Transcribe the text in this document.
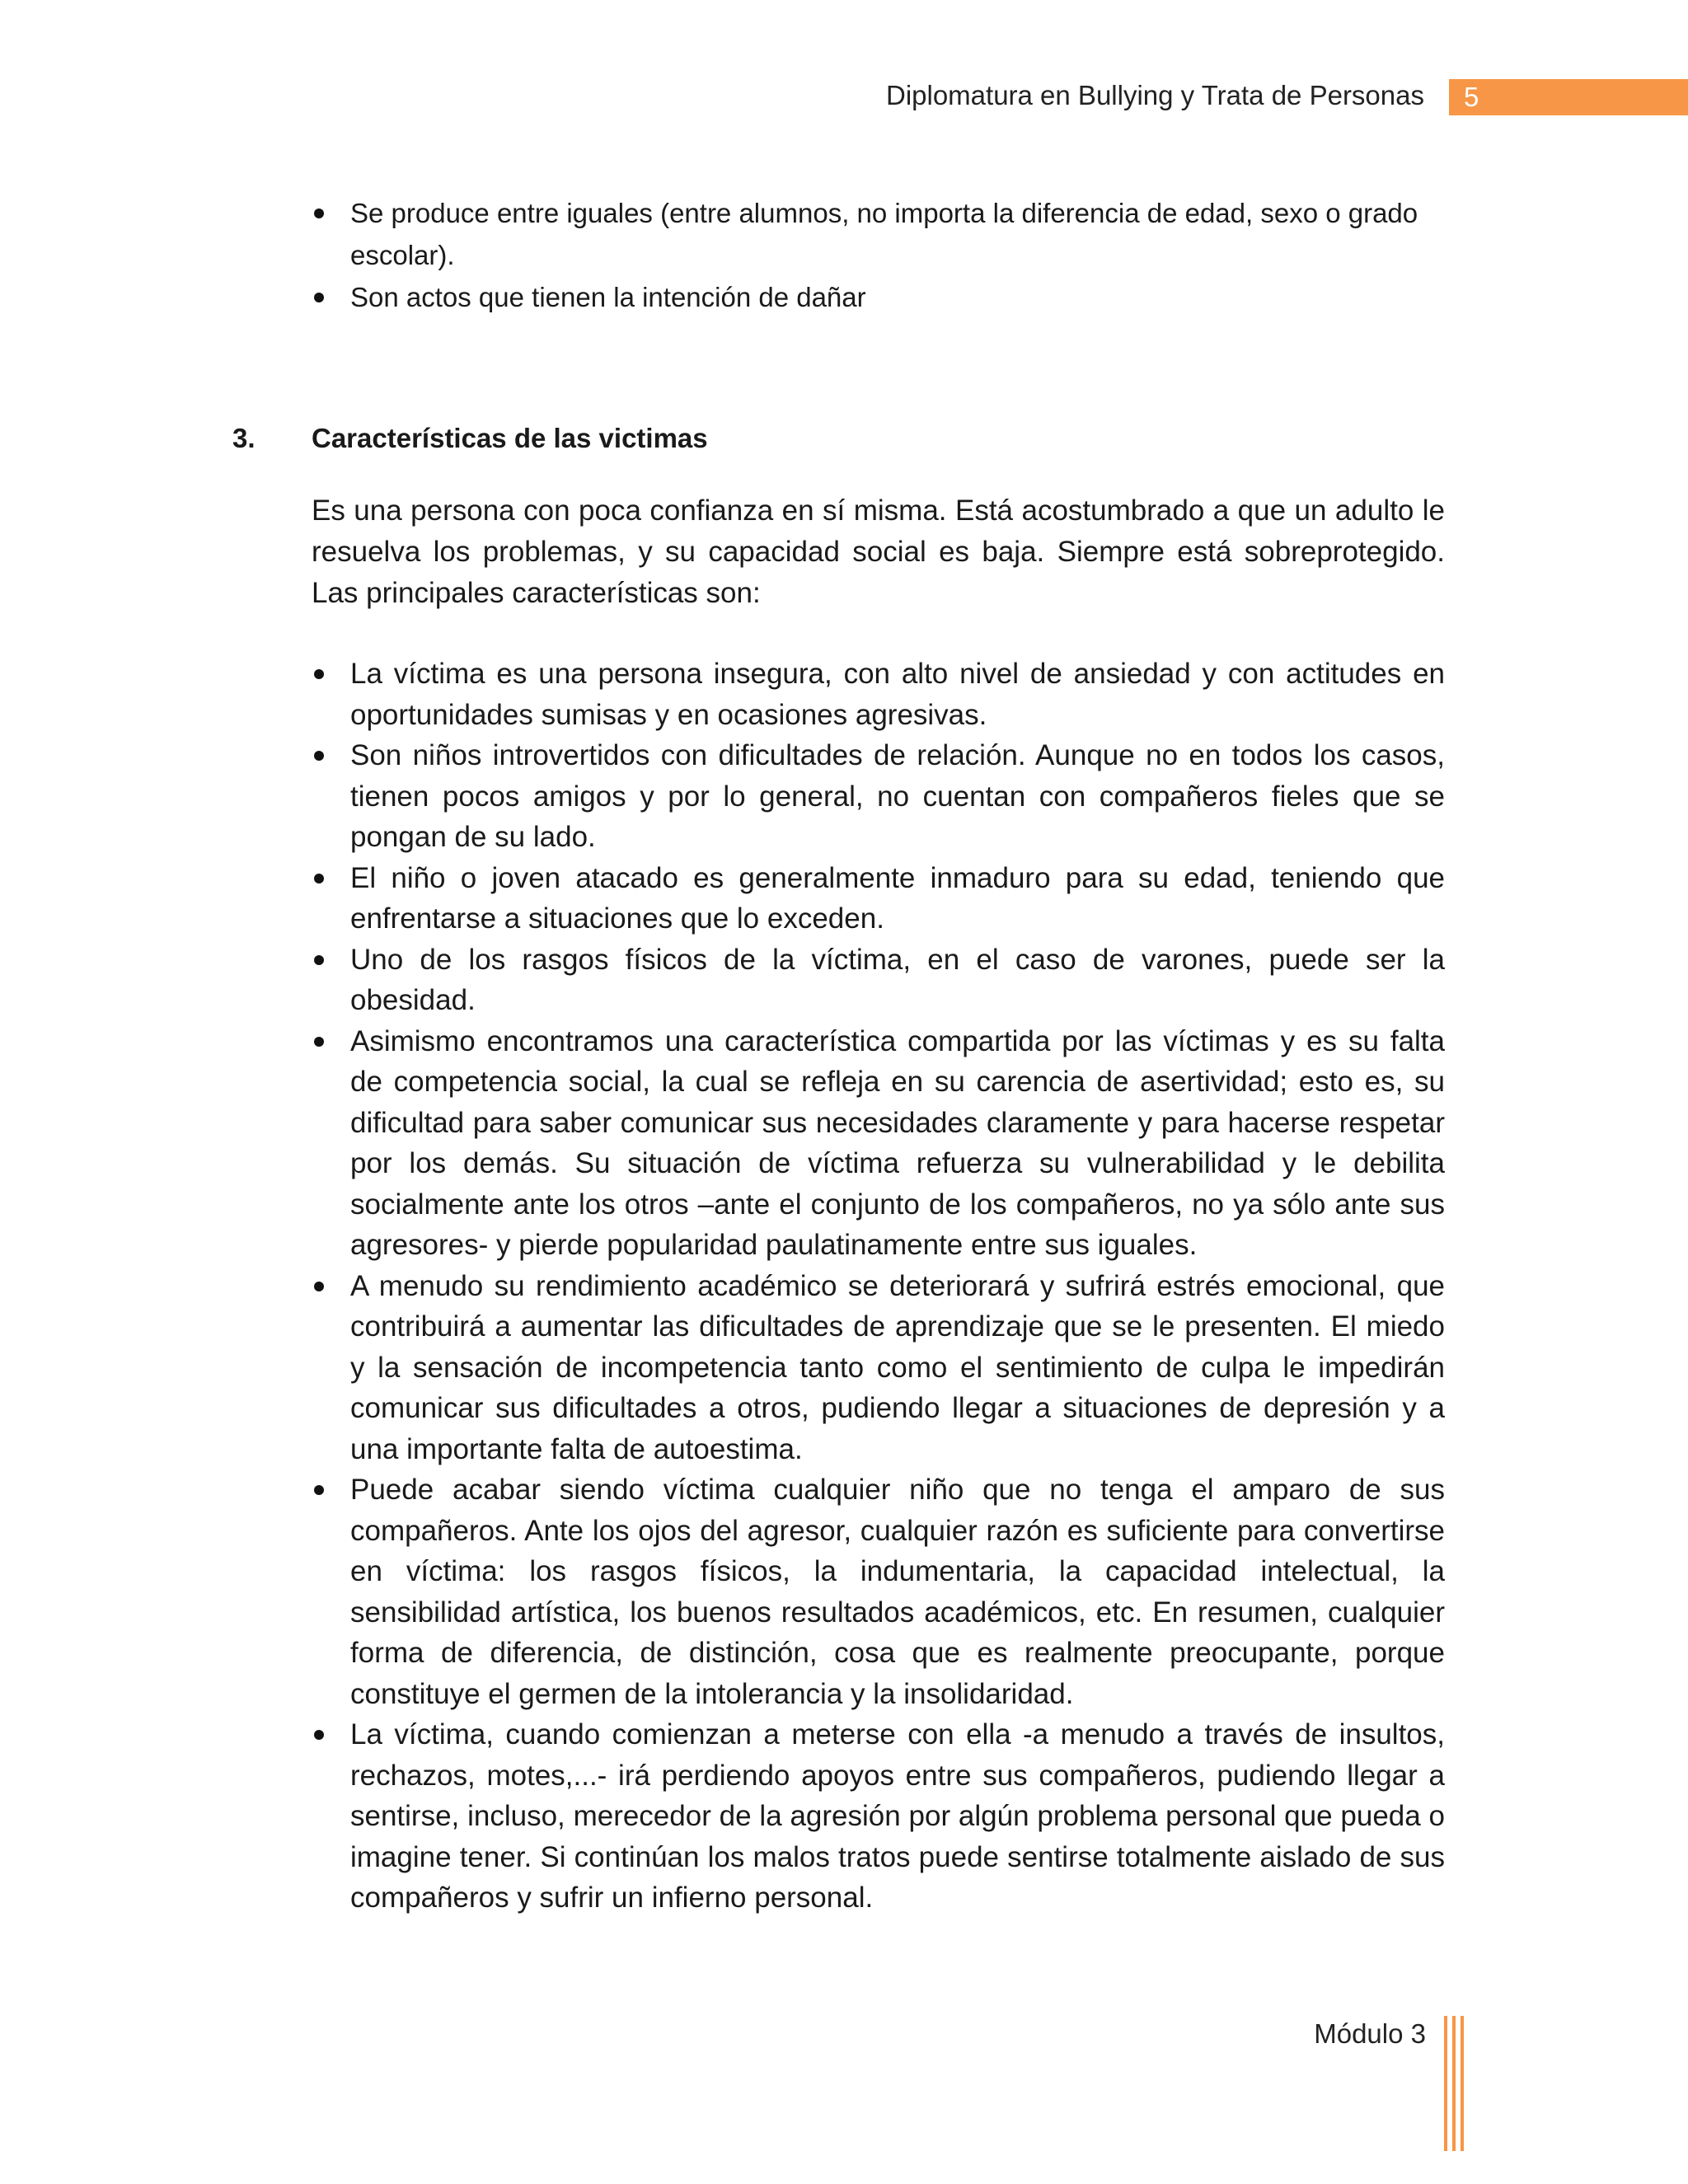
Diplomatura en Bullying y Trata de Personas 5
Se produce entre iguales (entre alumnos, no importa la diferencia de edad, sexo o grado escolar).
Son actos que tienen la intención de dañar
3. Características de las victimas

Es una persona con poca confianza en sí misma. Está acostumbrado a que un adulto le resuelva los problemas, y su capacidad social es baja. Siempre está sobreprotegido. Las principales características son:

La víctima es una persona insegura, con alto nivel de ansiedad y con actitudes en oportunidades sumisas y en ocasiones agresivas.
Son niños introvertidos con dificultades de relación. Aunque no en todos los casos, tienen pocos amigos y por lo general, no cuentan con compañeros fieles que se pongan de su lado.
El niño o joven atacado es generalmente inmaduro para su edad, teniendo que enfrentarse a situaciones que lo exceden.
Uno de los rasgos físicos de la víctima, en el caso de varones, puede ser la obesidad.
Asimismo encontramos una característica compartida por las víctimas y es su falta de competencia social, la cual se refleja en su carencia de asertividad; esto es, su dificultad para saber comunicar sus necesidades claramente y para hacerse respetar por los demás. Su situación de víctima refuerza su vulnerabilidad y le debilita socialmente ante los otros –ante el conjunto de los compañeros, no ya sólo ante sus agresores- y pierde popularidad paulatinamente entre sus iguales.
A menudo su rendimiento académico se deteriorará y sufrirá estrés emocional, que contribuirá a aumentar las dificultades de aprendizaje que se le presenten. El miedo y la sensación de incompetencia tanto como el sentimiento de culpa le impedirán comunicar sus dificultades a otros, pudiendo llegar a situaciones de depresión y a una importante falta de autoestima.
Puede acabar siendo víctima cualquier niño que no tenga el amparo de sus compañeros. Ante los ojos del agresor, cualquier razón es suficiente para convertirse en víctima: los rasgos físicos, la indumentaria, la capacidad intelectual, la sensibilidad artística, los buenos resultados académicos, etc. En resumen, cualquier forma de diferencia, de distinción, cosa que es realmente preocupante, porque constituye el germen de la intolerancia y la insolidaridad.
La víctima, cuando comienzan a meterse con ella -a menudo a través de insultos, rechazos, motes,...- irá perdiendo apoyos entre sus compañeros, pudiendo llegar a sentirse, incluso, merecedor de la agresión por algún problema personal que pueda o imagine tener. Si continúan los malos tratos puede sentirse totalmente aislado de sus compañeros y sufrir un infierno personal.
Módulo 3
